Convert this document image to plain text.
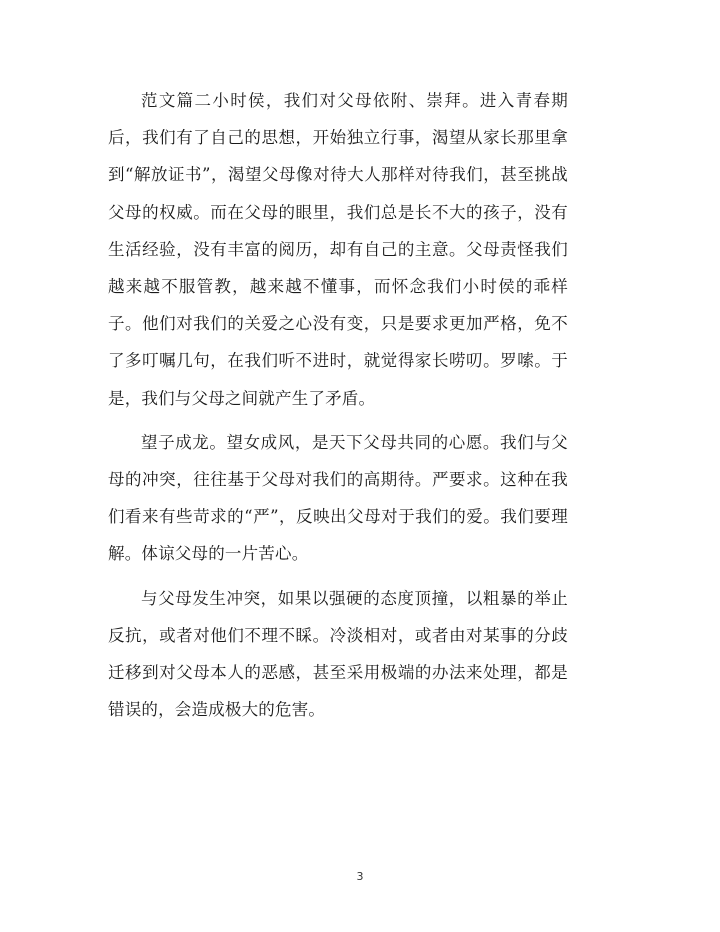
范文篇二小时侯，我们对父母依附、崇拜。进入青春期后，我们有了自己的思想，开始独立行事，渴望从家长那里拿到“解放证书”，渴望父母像对待大人那样对待我们，甚至挑战父母的权威。而在父母的眼里，我们总是长不大的孩子，没有生活经验，没有丰富的阅历，却有自己的主意。父母责怪我们越来越不服管教，越来越不懂事，而怀念我们小时侯的乖样子。他们对我们的关爱之心没有变，只是要求更加严格，免不了多叮嘱几句，在我们听不进时，就觉得家长唠叨。罗嗦。于是，我们与父母之间就产生了矛盾。

望子成龙。望女成风，是天下父母共同的心愿。我们与父母的冲突，往往基于父母对我们的高期待。严要求。这种在我们看来有些苛求的“严”，反映出父母对于我们的爱。我们要理解。体谅父母的一片苦心。

与父母发生冲突，如果以强硬的态度顶撞，以粗暴的举止反抗，或者对他们不理不睬。冷淡相对，或者由对某事的分歧迁移到对父母本人的恶感，甚至采用极端的办法来处理，都是错误的，会造成极大的危害。

3
